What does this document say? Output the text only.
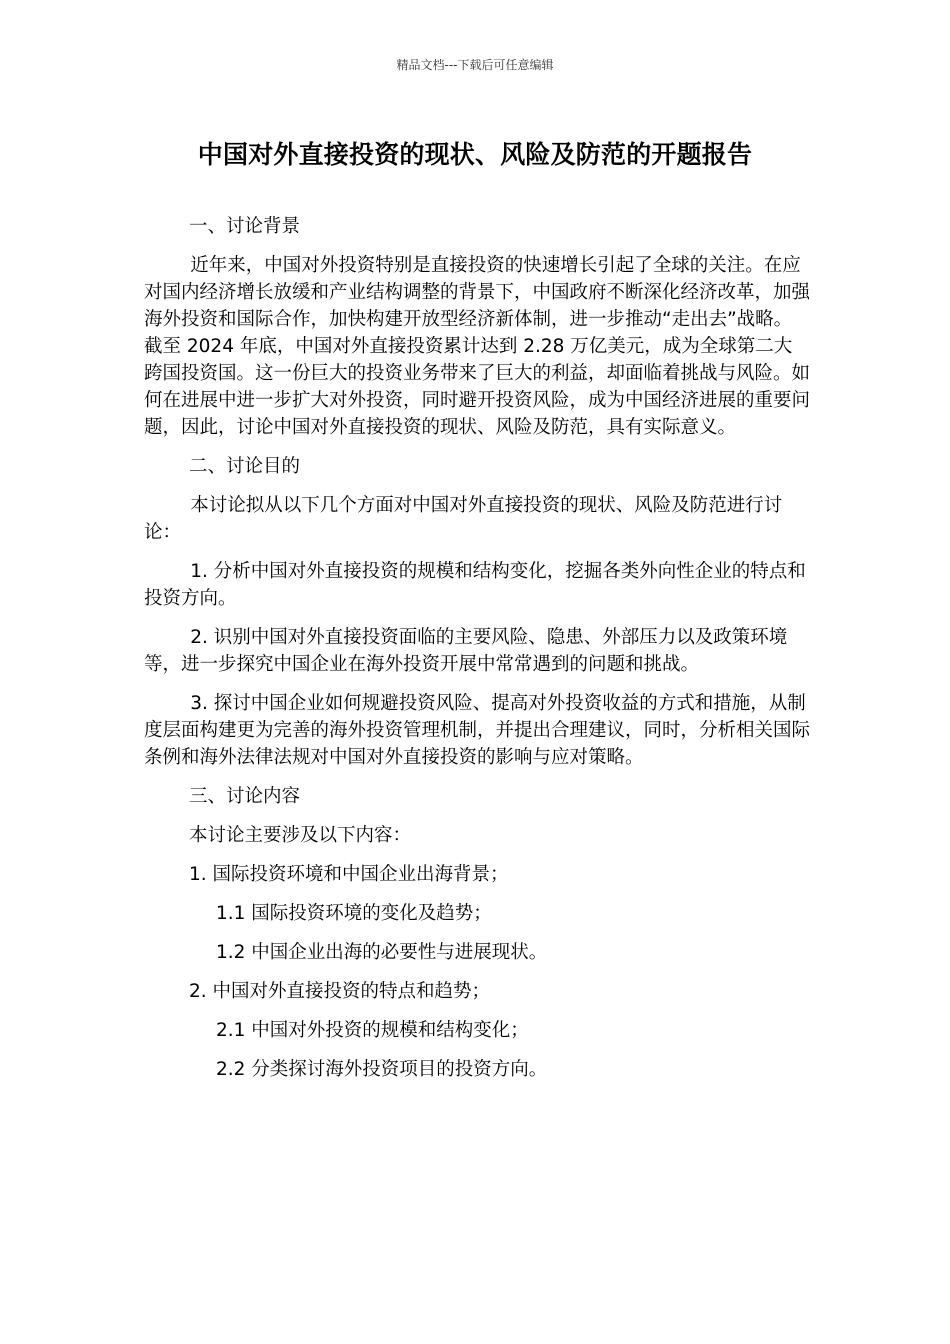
精品文档---下载后可任意编辑
中国对外直接投资的现状、风险及防范的开题报告
一、讨论背景
近年来，中国对外投资特别是直接投资的快速增长引起了全球的关注。在应对国内经济增长放缓和产业结构调整的背景下，中国政府不断深化经济改革，加强海外投资和国际合作，加快构建开放型经济新体制，进一步推动“走出去”战略。截至 2024 年底，中国对外直接投资累计达到 2.28 万亿美元，成为全球第二大跨国投资国。这一份巨大的投资业务带来了巨大的利益，却面临着挑战与风险。如何在进展中进一步扩大对外投资，同时避开投资风险，成为中国经济进展的重要问题，因此，讨论中国对外直接投资的现状、风险及防范，具有实际意义。
二、讨论目的
本讨论拟从以下几个方面对中国对外直接投资的现状、风险及防范进行讨论：
1. 分析中国对外直接投资的规模和结构变化，挖掘各类外向性企业的特点和投资方向。
2. 识别中国对外直接投资面临的主要风险、隐患、外部压力以及政策环境等，进一步探究中国企业在海外投资开展中常常遇到的问题和挑战。
3. 探讨中国企业如何规避投资风险、提高对外投资收益的方式和措施，从制度层面构建更为完善的海外投资管理机制，并提出合理建议，同时，分析相关国际条例和海外法律法规对中国对外直接投资的影响与应对策略。
三、讨论内容
本讨论主要涉及以下内容：
1. 国际投资环境和中国企业出海背景；
1.1 国际投资环境的变化及趋势；
1.2 中国企业出海的必要性与进展现状。
2. 中国对外直接投资的特点和趋势；
2.1 中国对外投资的规模和结构变化；
2.2 分类探讨海外投资项目的投资方向。
